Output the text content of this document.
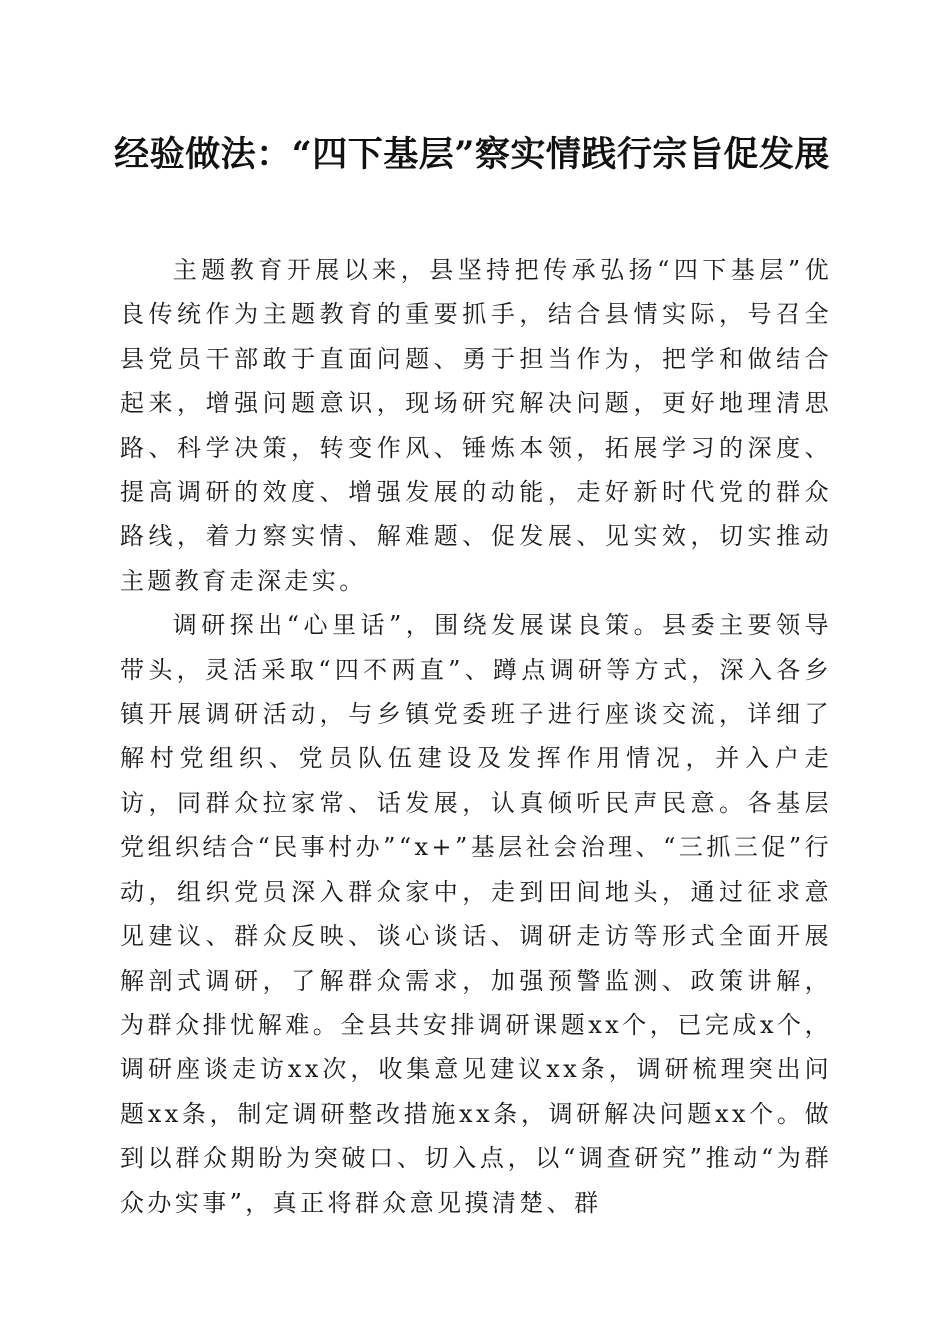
经验做法：“四下基层”察实情践行宗旨促发展

主题教育开展以来，县坚持把传承弘扬“四下基层”优良传统作为主题教育的重要抓手，结合县情实际，号召全县党员干部敢于直面问题、勇于担当作为，把学和做结合起来，增强问题意识，现场研究解决问题，更好地理清思路、科学决策，转变作风、锤炼本领，拓展学习的深度、提高调研的效度、增强发展的动能，走好新时代党的群众路线，着力察实情、解难题、促发展、见实效，切实推动主题教育走深走实。

调研探出“心里话”，围绕发展谋良策。县委主要领导带头，灵活采取“四不两直”、蹲点调研等方式，深入各乡镇开展调研活动，与乡镇党委班子进行座谈交流，详细了解村党组织、党员队伍建设及发挥作用情况，并入户走访，同群众拉家常、话发展，认真倾听民声民意。各基层党组织结合“民事村办”“x+”基层社会治理、“三抓三促”行动，组织党员深入群众家中，走到田间地头，通过征求意见建议、群众反映、谈心谈话、调研走访等形式全面开展解剖式调研，了解群众需求，加强预警监测、政策讲解，为群众排忧解难。全县共安排调研课题xx个，已完成x个，调研座谈走访xx次，收集意见建议xx条，调研梳理突出问题xx条，制定调研整改措施xx条，调研解决问题xx个。做到以群众期盼为突破口、切入点，以“调查研究”推动“为群众办实事”，真正将群众意见摸清楚、群
